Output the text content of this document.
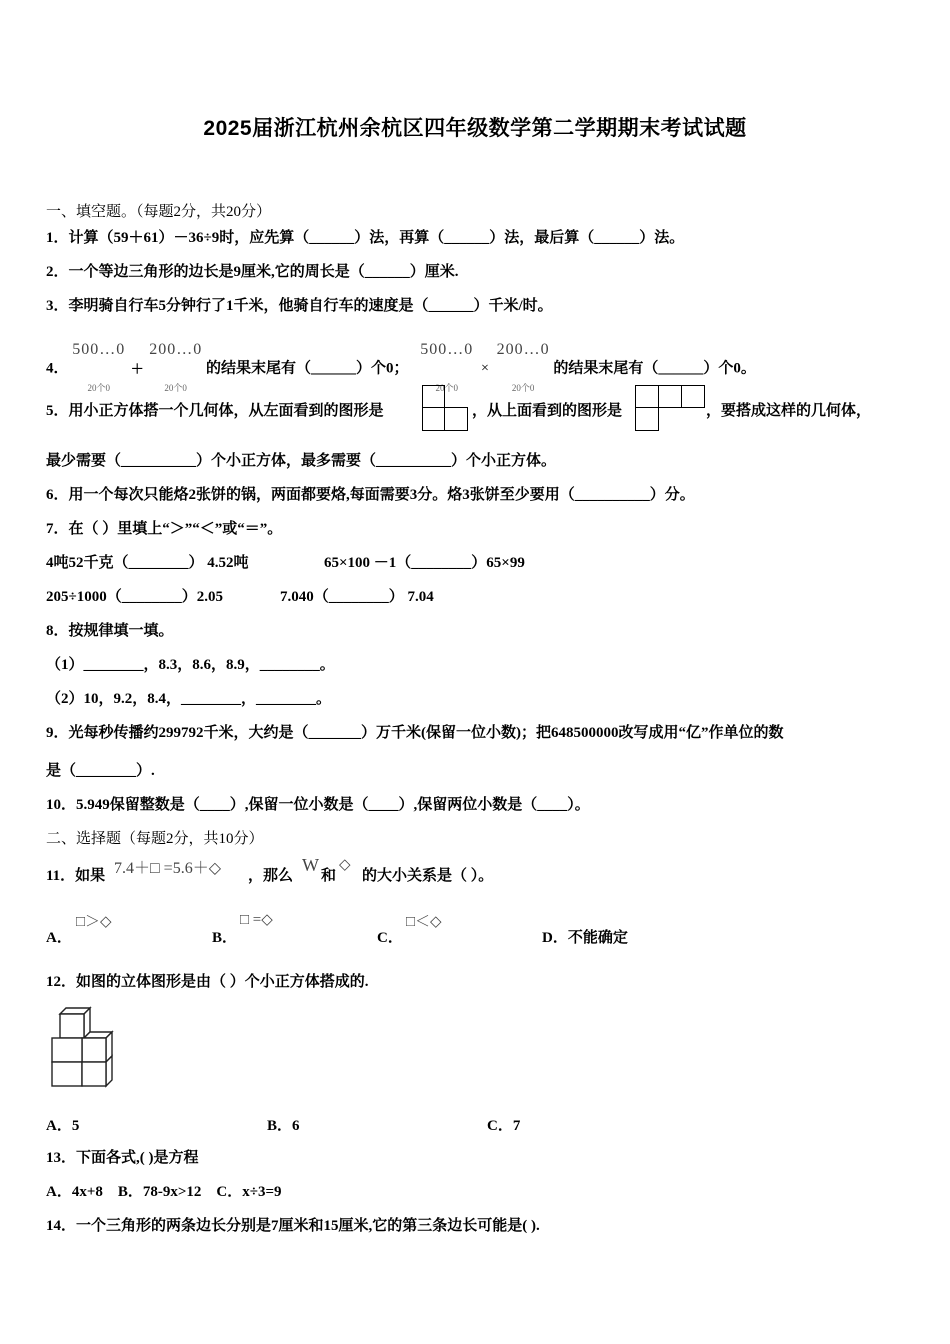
2025届浙江杭州余杭区四年级数学第二学期期末考试试题
一、填空题。（每题2分，共20分）
1．计算（59＋61）－36÷9时，应先算（______）法，再算（______）法，最后算（______）法。
2．一个等边三角形的边长是9厘米,它的周长是（______）厘米.
3．李明骑自行车5分钟行了1千米，他骑自行车的速度是（______）千米/时。
4． 500…0
20个0
+ 200…0
20个0
的结果末尾有（______）个0； 500…0
20个0
× 200…0
20个0
的结果末尾有（______）个0。
5．用小正方体搭一个几何体，从左面看到的图形是	，从上面看到的图形是	，要搭成这样的几何体，
最少需要（__________）个小正方体，最多需要（__________）个小正方体。
6．用一个每次只能烙2张饼的锅，两面都要烙,每面需要3分。烙3张饼至少要用（__________）分。
7．在（ ）里填上“＞”“＜”或“＝”。
4吨52千克（________） 4.52吨	65×100 －1（________）65×99
205÷1000（________）2.05	7.040（________） 7.04
8．按规律填一填。
（1）________，8.3，8.6，8.9，________。
（2）10，9.2，8.4，________，________。
9．光每秒传播约299792千米，大约是（_______）万千米(保留一位小数)；把648500000改写成用“亿”作单位的数
是（________）.
10．5.949保留整数是（____）,保留一位小数是（____）,保留两位小数是（____）。
二、选择题（每题2分，共10分）
11．如果 7.4＋□ =5.6＋◇ ，那么
W
和
◇
的大小关系是（ ）。
A．
□＞◇
B．
□ =◇
C．
□＜◇
D．不能确定
12．如图的立体图形是由（ ）个小正方体搭成的.
A．5	B．6	C．7
13．下面各式,( )是方程
A．4x+8    B．78-9x>12    C．x÷3=9
14．一个三角形的两条边长分别是7厘米和15厘米,它的第三条边长可能是( ).
